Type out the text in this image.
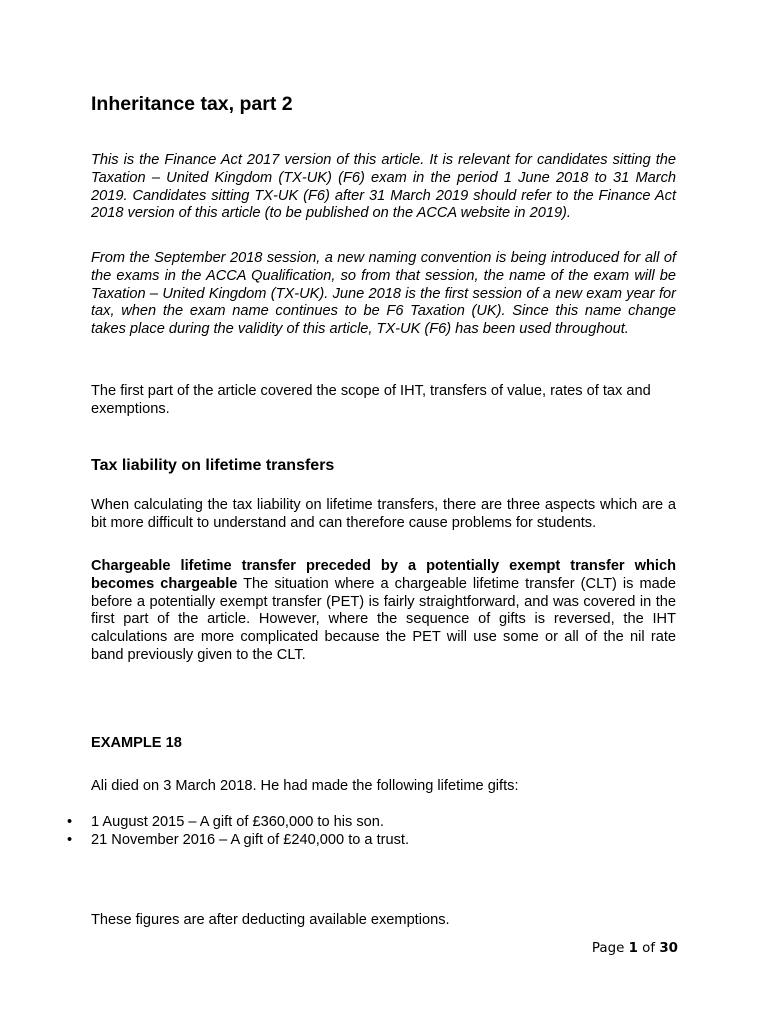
Inheritance tax, part 2

This is the Finance Act 2017 version of this article. It is relevant for candidates sitting the Taxation – United Kingdom (TX-UK) (F6) exam in the period 1 June 2018 to 31 March 2019. Candidates sitting TX-UK (F6) after 31 March 2019 should refer to the Finance Act 2018 version of this article (to be published on the ACCA website in 2019).

From the September 2018 session, a new naming convention is being introduced for all of the exams in the ACCA Qualification, so from that session, the name of the exam will be Taxation – United Kingdom (TX-UK). June 2018 is the first session of a new exam year for tax, when the exam name continues to be F6 Taxation (UK). Since this name change takes place during the validity of this article, TX-UK (F6) has been used throughout.

The first part of the article covered the scope of IHT, transfers of value, rates of tax and exemptions.

Tax liability on lifetime transfers

When calculating the tax liability on lifetime transfers, there are three aspects which are a bit more difficult to understand and can therefore cause problems for students.

Chargeable lifetime transfer preceded by a potentially exempt transfer which becomes chargeable The situation where a chargeable lifetime transfer (CLT) is made before a potentially exempt transfer (PET) is fairly straightforward, and was covered in the first part of the article. However, where the sequence of gifts is reversed, the IHT calculations are more complicated because the PET will use some or all of the nil rate band previously given to the CLT.

EXAMPLE 18

Ali died on 3 March 2018. He had made the following lifetime gifts:

• 1 August 2015 – A gift of £360,000 to his son.
• 21 November 2016 – A gift of £240,000 to a trust.

These figures are after deducting available exemptions.

Page 1 of 30
